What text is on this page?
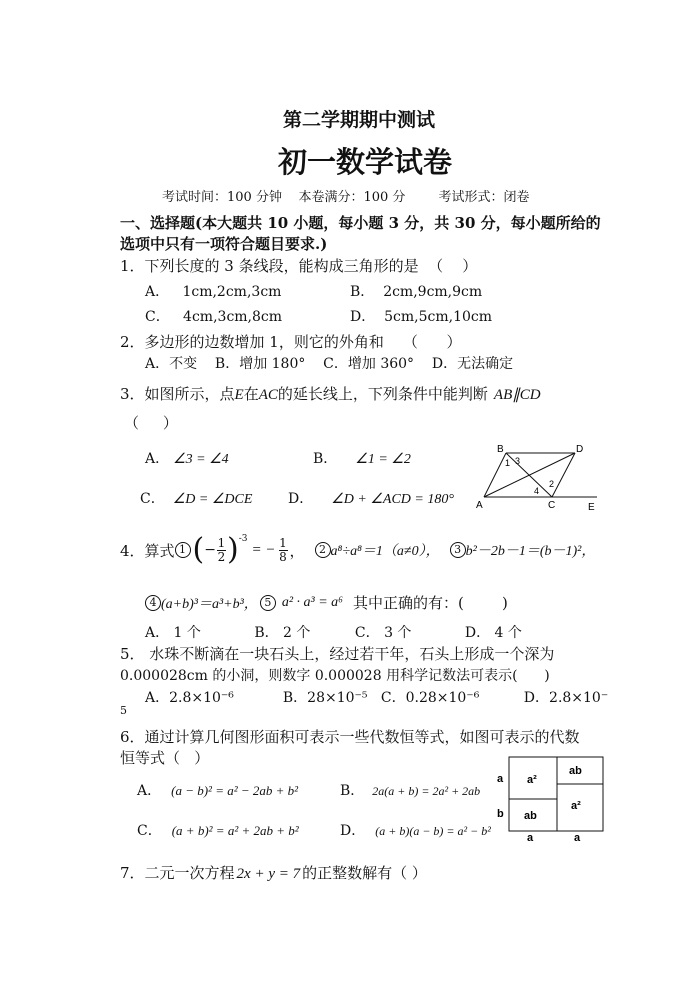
第二学期期中测试
初一数学试卷
考试时间：100 分钟    本卷满分：100 分        考试形式：闭卷
一、选择题(本大题共 10 小题，每小题 3 分，共 30 分，每小题所给的
选项中只有一项符合题目要求.)
1．下列长度的 3 条线段，能构成三角形的是  （    ）
A．   1cm,2cm,3cm	B．  2cm,9cm,9cm
C．   4cm,3cm,8cm	D．  5cm,5cm,10cm
2．多边形的边数增加 1，则它的外角和    （      ）
A．不变    B．增加 180°    C．增加 360°    D．无法确定
3．如图所示，点E在AC的延长线上，下列条件中能判断 AB∥CD
（     ）
A． ∠3 = ∠4	B． ∠1 = ∠2
C． ∠D = ∠DCE	D． ∠D + ∠ACD = 180°
B	D
A	C	E
1 3
2
4
4．算式 1 ( − 1
2 ) -3
= − 1
8 ，	2 a⁸÷a⁸＝1（a≠0），	3 b²－2b－1＝(b－1)²，
4 (a+b)³＝a³+b³， 5 a² · a³ = a⁶ 其中正确的有：(        )
A． 1 个            B． 2 个          C． 3 个            D． 4 个
5． 水珠不断滴在一块石头上，经过若干年，石头上形成一个深为
0.000028cm 的小洞，则数字 0.000028 用科学记数法可表示(      )
A．2.8×10⁻⁶           B．28×10⁻⁵   C．0.28×10⁻⁶          D．2.8×10⁻
5
6．通过计算几何图形面积可表示一些代数恒等式，如图可表示的代数
恒等式（   ）
A． (a − b)² = a² − 2ab + b²	B． 2a(a + b) = 2a² + 2ab
C． (a + b)² = a² + 2ab + b²	D． (a + b)(a − b) = a² − b²
a
b
a	a
a²
ab
ab
a²
7．二元一次方程 2x + y = 7 的正整数解有（ ）
